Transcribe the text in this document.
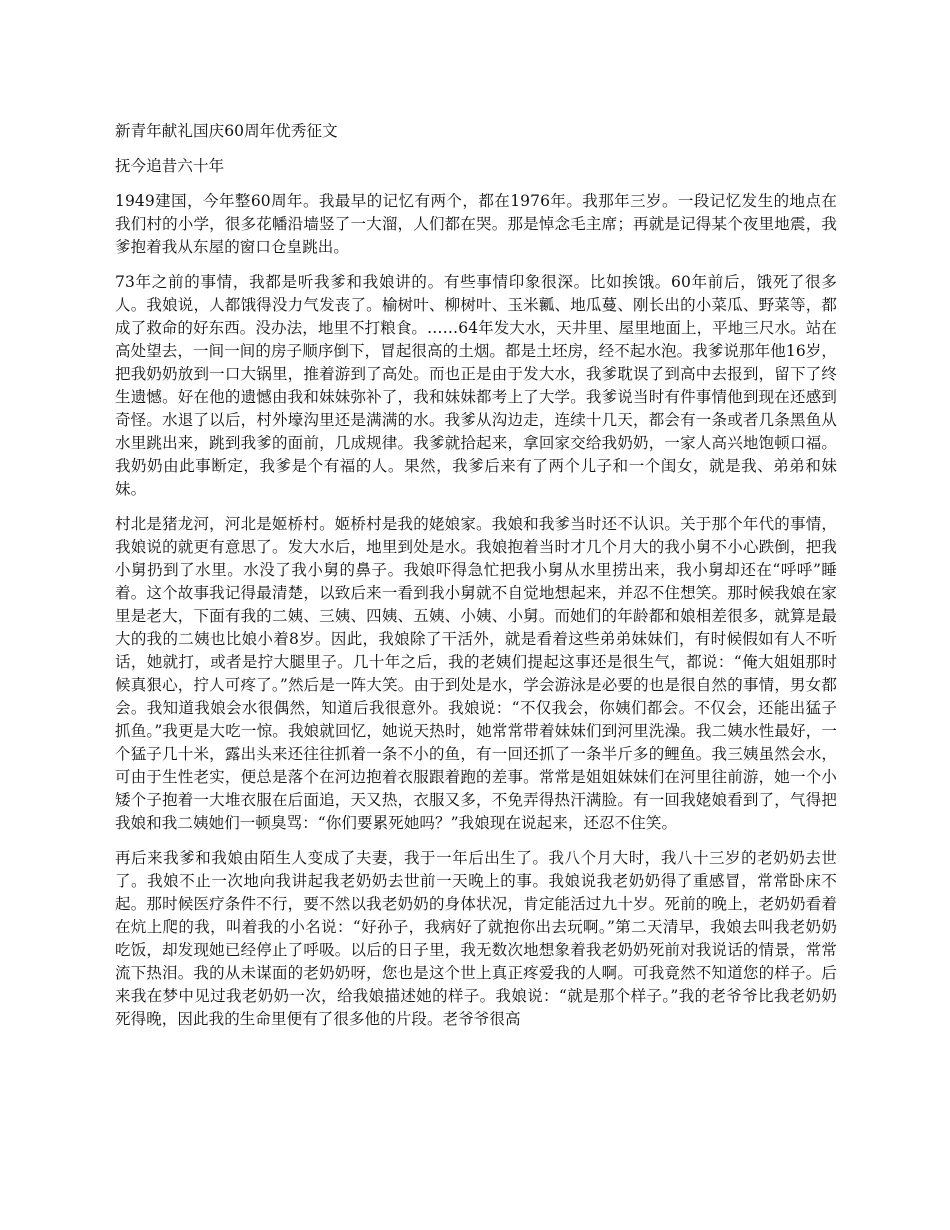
新青年献礼国庆60周年优秀征文

抚今追昔六十年

1949建国，今年整60周年。我最早的记忆有两个，都在1976年。我那年三岁。一段记忆发生的地点在我们村的小学，很多花幡沿墙竖了一大溜，人们都在哭。那是悼念毛主席；再就是记得某个夜里地震，我爹抱着我从东屋的窗口仓皇跳出。

73年之前的事情，我都是听我爹和我娘讲的。有些事情印象很深。比如挨饿。60年前后，饿死了很多人。我娘说，人都饿得没力气发丧了。榆树叶、柳树叶、玉米瓤、地瓜蔓、刚长出的小菜瓜、野菜等，都成了救命的好东西。没办法，地里不打粮食。……64年发大水，天井里、屋里地面上，平地三尺水。站在高处望去，一间一间的房子顺序倒下，冒起很高的土烟。都是土坯房，经不起水泡。我爹说那年他16岁，把我奶奶放到一口大锅里，推着游到了高处。而也正是由于发大水，我爹耽误了到高中去报到，留下了终生遗憾。好在他的遗憾由我和妹妹弥补了，我和妹妹都考上了大学。我爹说当时有件事情他到现在还感到奇怪。水退了以后，村外壕沟里还是满满的水。我爹从沟边走，连续十几天，都会有一条或者几条黑鱼从水里跳出来，跳到我爹的面前，几成规律。我爹就拾起来，拿回家交给我奶奶，一家人高兴地饱顿口福。我奶奶由此事断定，我爹是个有福的人。果然，我爹后来有了两个儿子和一个闺女，就是我、弟弟和妹妹。

村北是猪龙河，河北是姬桥村。姬桥村是我的姥娘家。我娘和我爹当时还不认识。关于那个年代的事情，我娘说的就更有意思了。发大水后，地里到处是水。我娘抱着当时才几个月大的我小舅不小心跌倒，把我小舅扔到了水里。水没了我小舅的鼻子。我娘吓得急忙把我小舅从水里捞出来，我小舅却还在“呼呼”睡着。这个故事我记得最清楚，以致后来一看到我小舅就不自觉地想起来，并忍不住想笑。那时候我娘在家里是老大，下面有我的二姨、三姨、四姨、五姨、小姨、小舅。而她们的年龄都和娘相差很多，就算是最大的我的二姨也比娘小着8岁。因此，我娘除了干活外，就是看着这些弟弟妹妹们，有时候假如有人不听话，她就打，或者是拧大腿里子。几十年之后，我的老姨们提起这事还是很生气，都说：“俺大姐姐那时候真狠心，拧人可疼了。”然后是一阵大笑。由于到处是水，学会游泳是必要的也是很自然的事情，男女都会。我知道我娘会水很偶然，知道后我很意外。我娘说：“不仅我会，你姨们都会。不仅会，还能出猛子抓鱼。”我更是大吃一惊。我娘就回忆，她说天热时，她常常带着妹妹们到河里洗澡。我二姨水性最好，一个猛子几十米，露出头来还往往抓着一条不小的鱼，有一回还抓了一条半斤多的鲤鱼。我三姨虽然会水，可由于生性老实，便总是落个在河边抱着衣服跟着跑的差事。常常是姐姐妹妹们在河里往前游，她一个小矮个子抱着一大堆衣服在后面追，天又热，衣服又多，不免弄得热汗满脸。有一回我姥娘看到了，气得把我娘和我二姨她们一顿臭骂：“你们要累死她吗？”我娘现在说起来，还忍不住笑。

再后来我爹和我娘由陌生人变成了夫妻，我于一年后出生了。我八个月大时，我八十三岁的老奶奶去世了。我娘不止一次地向我讲起我老奶奶去世前一天晚上的事。我娘说我老奶奶得了重感冒，常常卧床不起。那时候医疗条件不行，要不然以我老奶奶的身体状况，肯定能活过九十岁。死前的晚上，老奶奶看着在炕上爬的我，叫着我的小名说：“好孙子，我病好了就抱你出去玩啊。”第二天清早，我娘去叫我老奶奶吃饭，却发现她已经停止了呼吸。以后的日子里，我无数次地想象着我老奶奶死前对我说话的情景，常常流下热泪。我的从未谋面的老奶奶呀，您也是这个世上真正疼爱我的人啊。可我竟然不知道您的样子。后来我在梦中见过我老奶奶一次，给我娘描述她的样子。我娘说：“就是那个样子。”我的老爷爷比我老奶奶死得晚，因此我的生命里便有了很多他的片段。老爷爷很高
